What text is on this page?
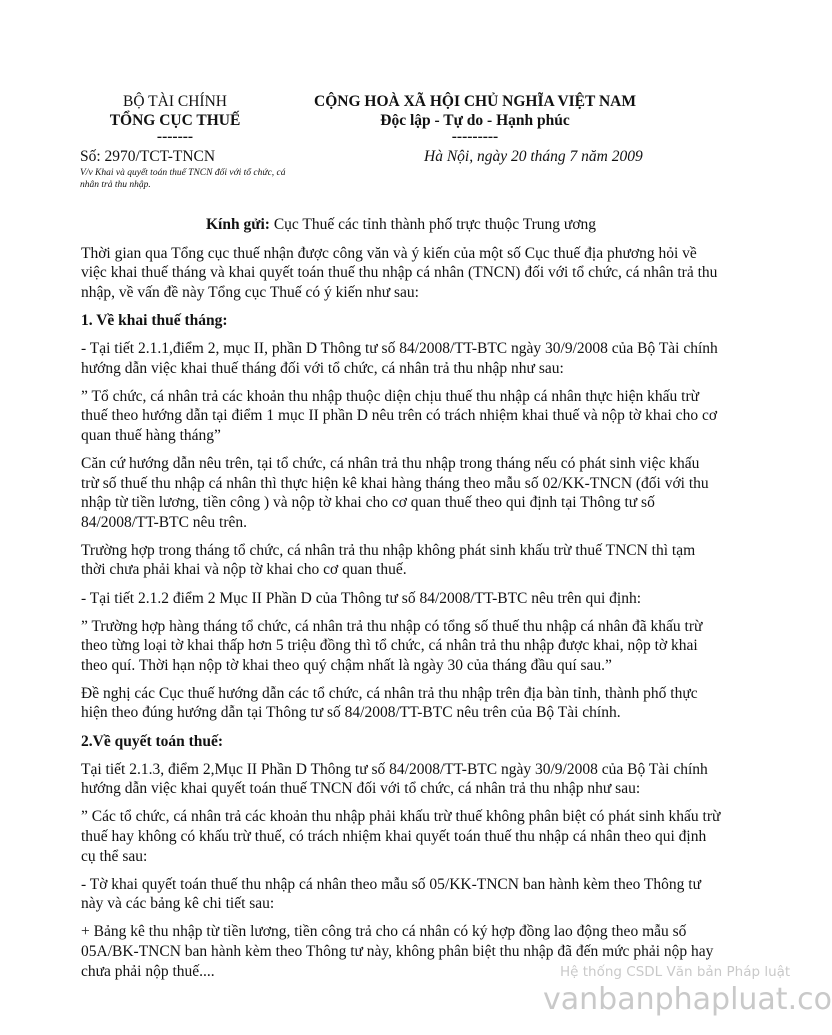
BỘ TÀI CHÍNH
TỔNG CỤC THUẾ
-------
CỘNG HOÀ XÃ HỘI CHỦ NGHĨA VIỆT NAM
Độc lập - Tự do - Hạnh phúc
---------
Số: 2970/TCT-TNCN
V/v Khai và quyết toán thuế TNCN đối với tổ chức, cá nhân trả thu nhập.
Hà Nội, ngày 20 tháng 7 năm 2009

Kính gửi: Cục Thuế các tỉnh thành phố trực thuộc Trung ương

Thời gian qua Tổng cục thuế nhận được công văn và ý kiến của một số Cục thuế địa phương hỏi về việc khai thuế tháng và khai quyết toán thuế thu nhập cá nhân (TNCN) đối với tổ chức, cá nhân trả thu nhập, về vấn đề này Tổng cục Thuế có ý kiến như sau:

1. Về khai thuế tháng:

- Tại tiết 2.1.1,điểm 2, mục II, phần D Thông tư số 84/2008/TT-BTC ngày 30/9/2008 của Bộ Tài chính hướng dẫn việc khai thuế tháng đối với tổ chức, cá nhân trả thu nhập như sau:

” Tổ chức, cá nhân trả các khoản thu nhập thuộc diện chịu thuế thu nhập cá nhân thực hiện khấu trừ thuế theo hướng dẫn tại điểm 1 mục II phần D nêu trên có trách nhiệm khai thuế và nộp tờ khai cho cơ quan thuế hàng tháng”

Căn cứ hướng dẫn nêu trên, tại tổ chức, cá nhân trả thu nhập trong tháng nếu có phát sinh việc khấu trừ số thuế thu nhập cá nhân thì thực hiện kê khai hàng tháng theo mẫu số 02/KK-TNCN (đối với thu nhập từ tiền lương, tiền công ) và nộp tờ khai cho cơ quan thuế theo qui định tại Thông tư số 84/2008/TT-BTC nêu trên.

Trường hợp trong tháng tổ chức, cá nhân trả thu nhập không phát sinh khấu trừ thuế TNCN thì tạm thời chưa phải khai và nộp tờ khai cho cơ quan thuế.

- Tại tiết 2.1.2 điểm 2 Mục II Phần D của Thông tư số 84/2008/TT-BTC nêu trên qui định:

” Trường hợp hàng tháng tổ chức, cá nhân trả thu nhập có tổng số thuế thu nhập cá nhân đã khấu trừ theo từng loại tờ khai thấp hơn 5 triệu đồng thì tổ chức, cá nhân trả thu nhập được khai, nộp tờ khai theo quí. Thời hạn nộp tờ khai theo quý chậm nhất là ngày 30 của tháng đầu quí sau.”

Đề nghị các Cục thuế hướng dẫn các tổ chức, cá nhân trả thu nhập trên địa bàn tỉnh, thành phố thực hiện theo đúng hướng dẫn tại Thông tư số 84/2008/TT-BTC nêu trên của Bộ Tài chính.

2.Về quyết toán thuế:

Tại tiết 2.1.3, điểm 2,Mục II Phần D Thông tư số 84/2008/TT-BTC ngày 30/9/2008 của Bộ Tài chính hướng dẫn việc khai quyết toán thuế TNCN đối với tổ chức, cá nhân trả thu nhập như sau:

” Các tổ chức, cá nhân trả các khoản thu nhập phải khấu trừ thuế không phân biệt có phát sinh khấu trừ thuế hay không có khấu trừ thuế, có trách nhiệm khai quyết toán thuế thu nhập cá nhân theo qui định cụ thể sau:

- Tờ khai quyết toán thuế thu nhập cá nhân theo mẫu số 05/KK-TNCN ban hành kèm theo Thông tư này và các bảng kê chi tiết sau:

+ Bảng kê thu nhập từ tiền lương, tiền công trả cho cá nhân có ký hợp đồng lao động theo mẫu số 05A/BK-TNCN ban hành kèm theo Thông tư này, không phân biệt thu nhập đã đến mức phải nộp hay chưa phải nộp thuế....	Hệ thống CSDL Văn bản Pháp luật
vanbanphapluat.co
